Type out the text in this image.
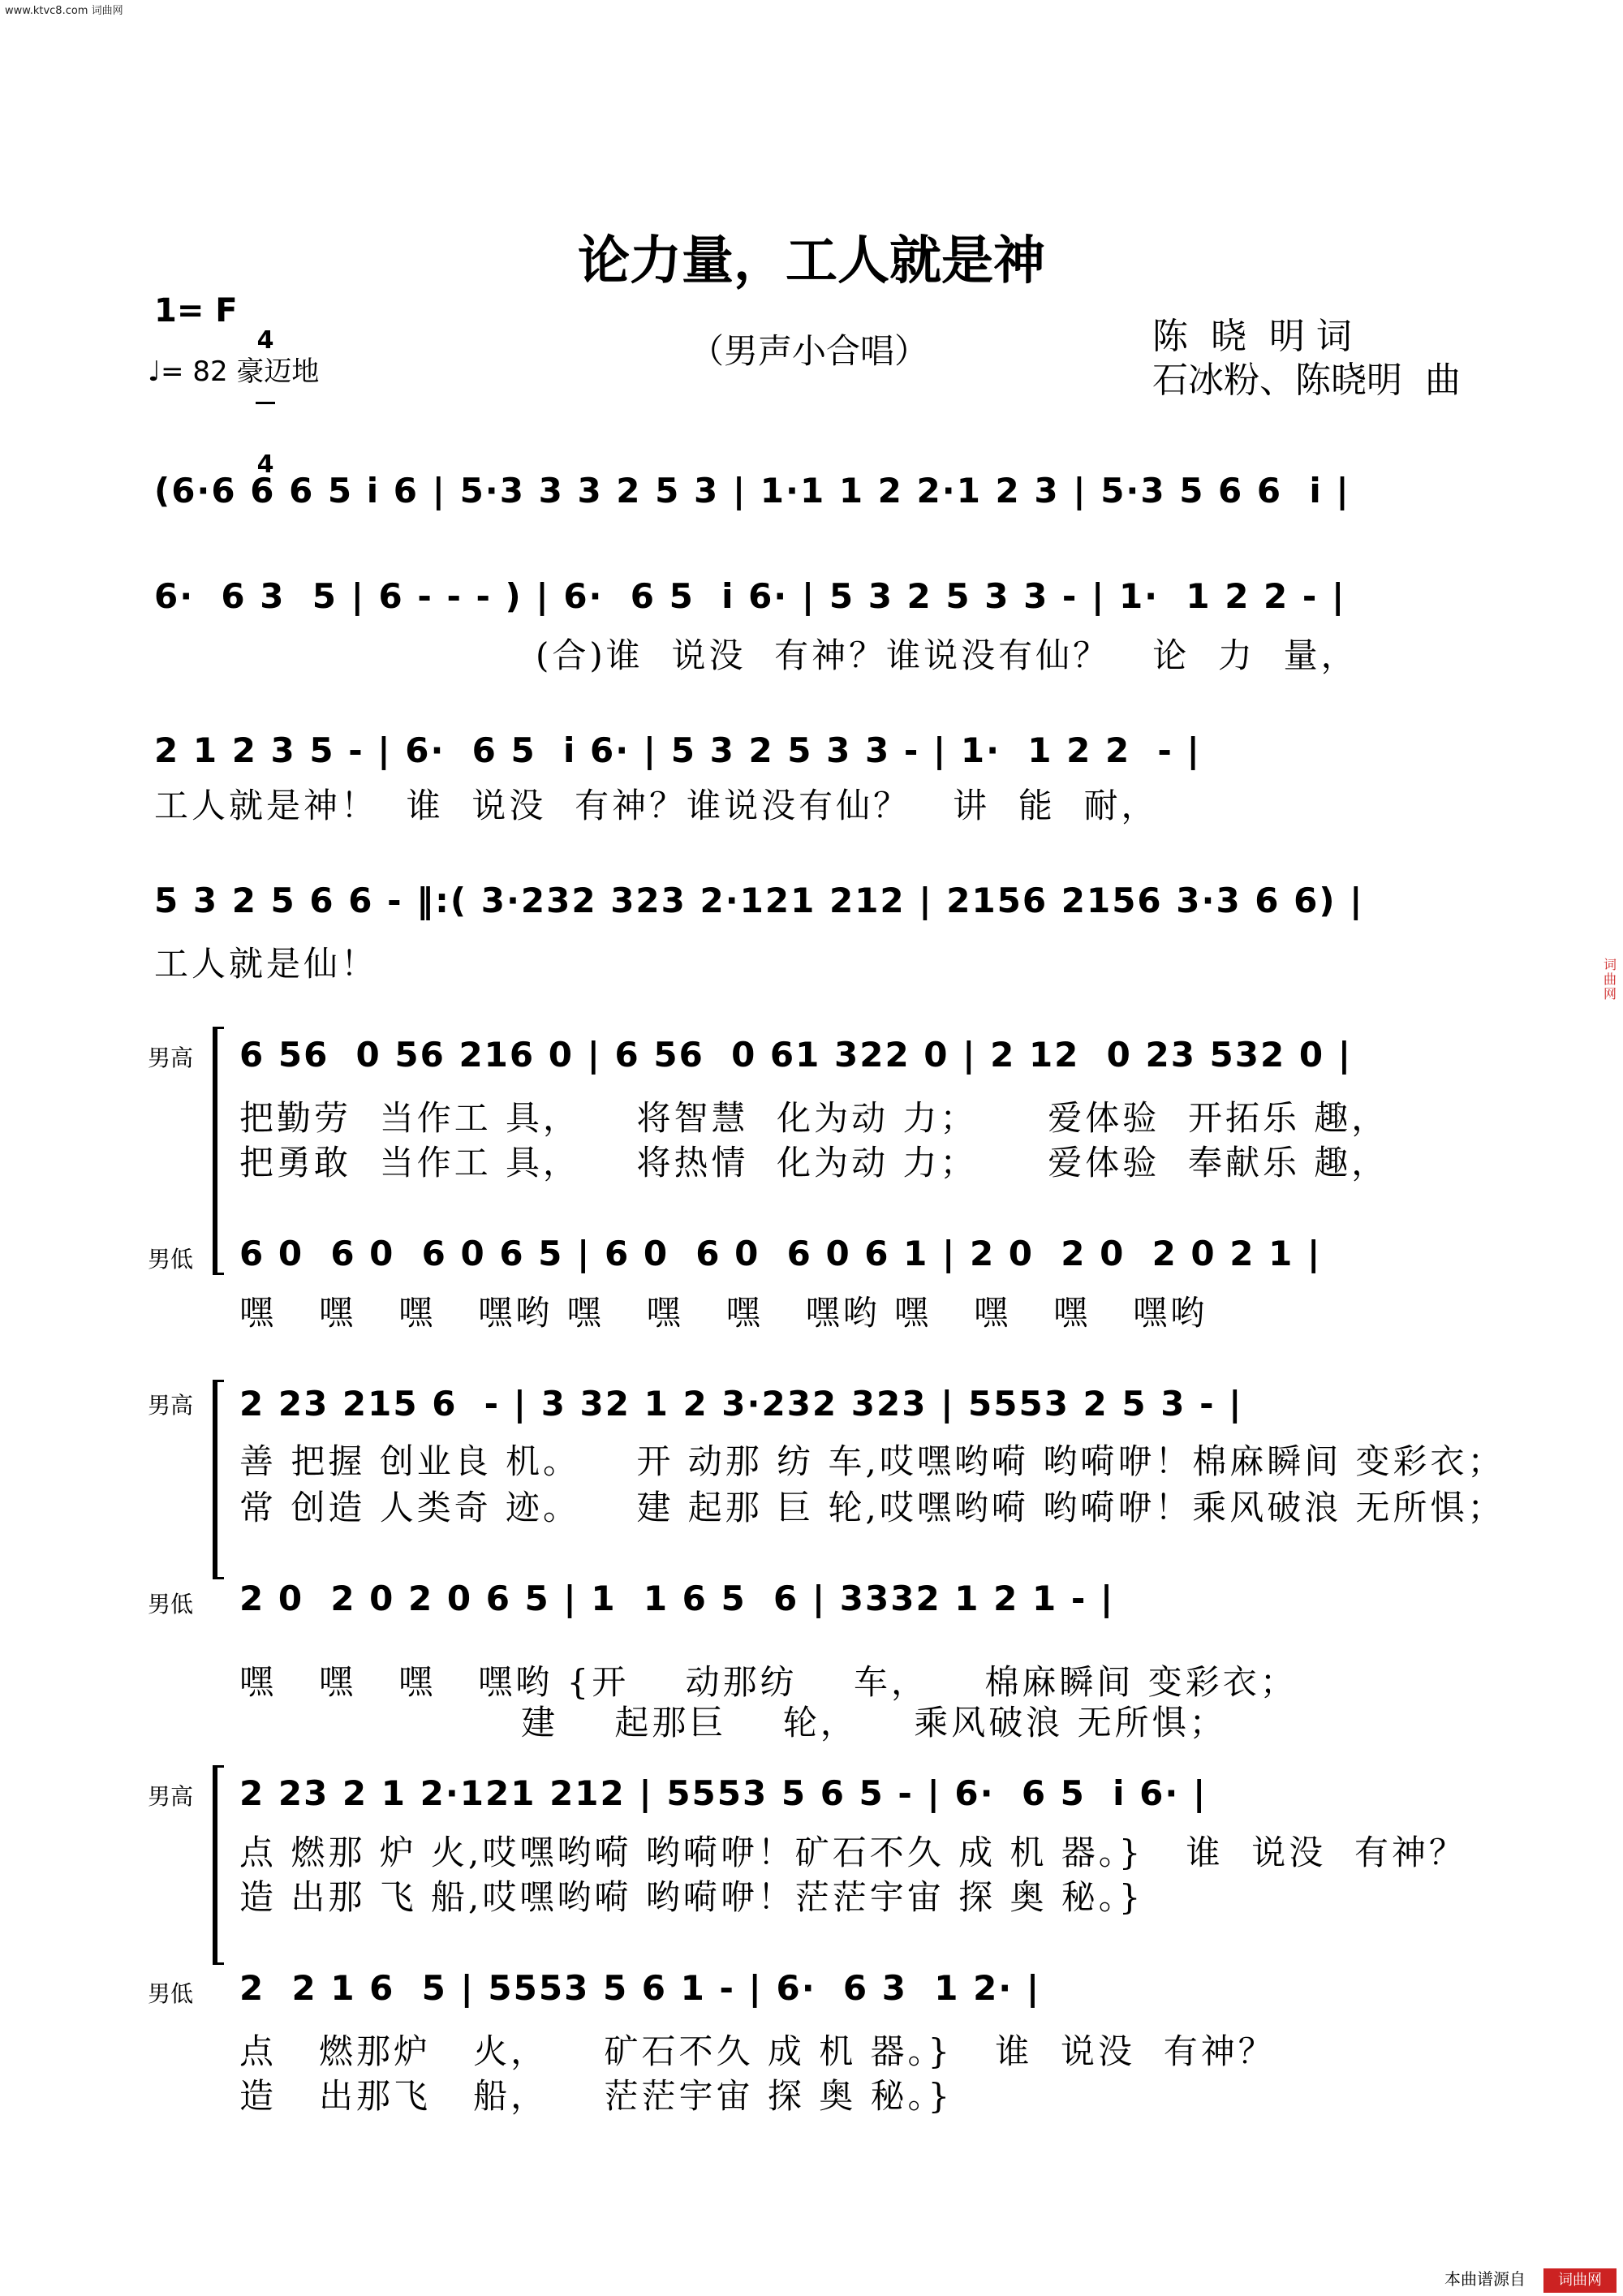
www.ktvc8.com 词曲网
论力量，工人就是神
1= F

4

4

♩= 82 豪迈地
（男声小合唱）	陈  晓  明 词
石冰粉、陈晓明  曲
(6·6 6 6 5 i 6 | 5·3 3 3 2 5 3 | 1·1 1 2 2·1 2 3 | 5·3 5 6 6  i |
6·  6 3  5 | 6 - - - ) | 6·  6 5  i 6· | 5 3 2 5 3 3 - | 1·  1 2 2 - |
(合)谁  说没  有神？谁说没有仙？   论  力  量，
2 1 2 3 5 - | 6·  6 5  i 6· | 5 3 2 5 3 3 - | 1·  1 2 2  - |
工人就是神！  谁  说没  有神？谁说没有仙？   讲  能  耐，
5 3 2 5 6 6 - ‖:( 3·232 323 2·121 212 | 2156 2156 3·3 6 6) |
工人就是仙！
男高 6 56  0 56 216 0 | 6 56  0 61 322 0 | 2 12  0 23 532 0 |
把勤劳  当作工 具，    将智慧  化为动 力；     爱体验  开拓乐 趣，
把勇敢  当作工 具，    将热情  化为动 力；     爱体验  奉献乐 趣，
男低 6 0  6 0  6 0 6 5 | 6 0  6 0  6 0 6 1 | 2 0  2 0  2 0 2 1 |
嘿   嘿   嘿   嘿哟 嘿   嘿   嘿   嘿哟 嘿   嘿   嘿   嘿哟
男高 2 23 215 6  - | 3 32 1 2 3·232 323 | 5553 2 5 3 - |
善 把握 创业良 机。    开 动那 纺 车,哎嘿哟嗬 哟嗬咿！棉麻瞬间 变彩衣；
常 创造 人类奇 迹。    建 起那 巨 轮,哎嘿哟嗬 哟嗬咿！乘风破浪 无所惧；
男低 2 0  2 0 2 0 6 5 | 1  1 6 5  6 | 3332 1 2 1 - |
嘿   嘿   嘿   嘿哟 {开    动那纺    车，    棉麻瞬间 变彩衣；
建    起那巨    轮，    乘风破浪 无所惧；
男高 2 23 2 1 2·121 212 | 5553 5 6 5 - | 6·  6 5  i 6· |
点 燃那 炉 火,哎嘿哟嗬 哟嗬咿！矿石不久 成 机 器。}   谁  说没  有神？
造 出那 飞 船,哎嘿哟嗬 哟嗬咿！茫茫宇宙 探 奥 秘。}
男低 2  2 1 6  5 | 5553 5 6 1 - | 6·  6 3  1 2· |
点   燃那炉   火，    矿石不久 成 机 器。}   谁  说没  有神？
造   出那飞   船，    茫茫宇宙 探 奥 秘。}
本曲谱源自	词曲网
词曲网
